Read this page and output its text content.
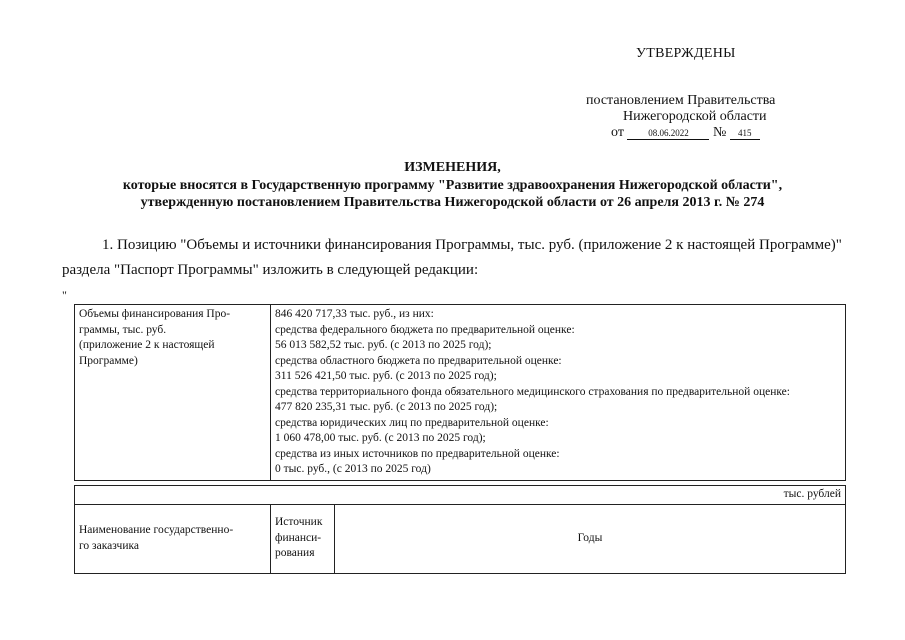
УТВЕРЖДЕНЫ
постановлением Правительства
Нижегородской области
от	08.06.2022 № 415
ИЗМЕНЕНИЯ,
которые вносятся в Государственную программу "Развитие здравоохранения Нижегородской области",
утвержденную постановлением Правительства Нижегородской области от 26 апреля 2013 г. № 274
1. Позицию "Объемы и источники финансирования Программы, тыс. руб. (приложение 2 к настоящей Программе)"
раздела "Паспорт Программы" изложить в следующей редакции:
"
Объемы финансирования Про-
граммы, тыс. руб.
(приложение 2 к настоящей
Программе)

846 420 717,33 тыс. руб., из них:
средства федерального бюджета по предварительной оценке:
56 013 582,52 тыс. руб. (с 2013 по 2025 год);
средства областного бюджета по предварительной оценке:
311 526 421,50 тыс. руб. (с 2013 по 2025 год);
средства территориального фонда обязательного медицинского страхования по предварительной оценке:
477 820 235,31 тыс. руб. (с 2013 по 2025 год);
средства юридических лиц по предварительной оценке:
1 060 478,00 тыс. руб. (с 2013 по 2025 год);
средства из иных источников по предварительной оценке:
0 тыс. руб., (с 2013 по 2025 год)
тыс. рублей

Наименование государственно-
го заказчика

Источник
финанси-
рования
	Годы
